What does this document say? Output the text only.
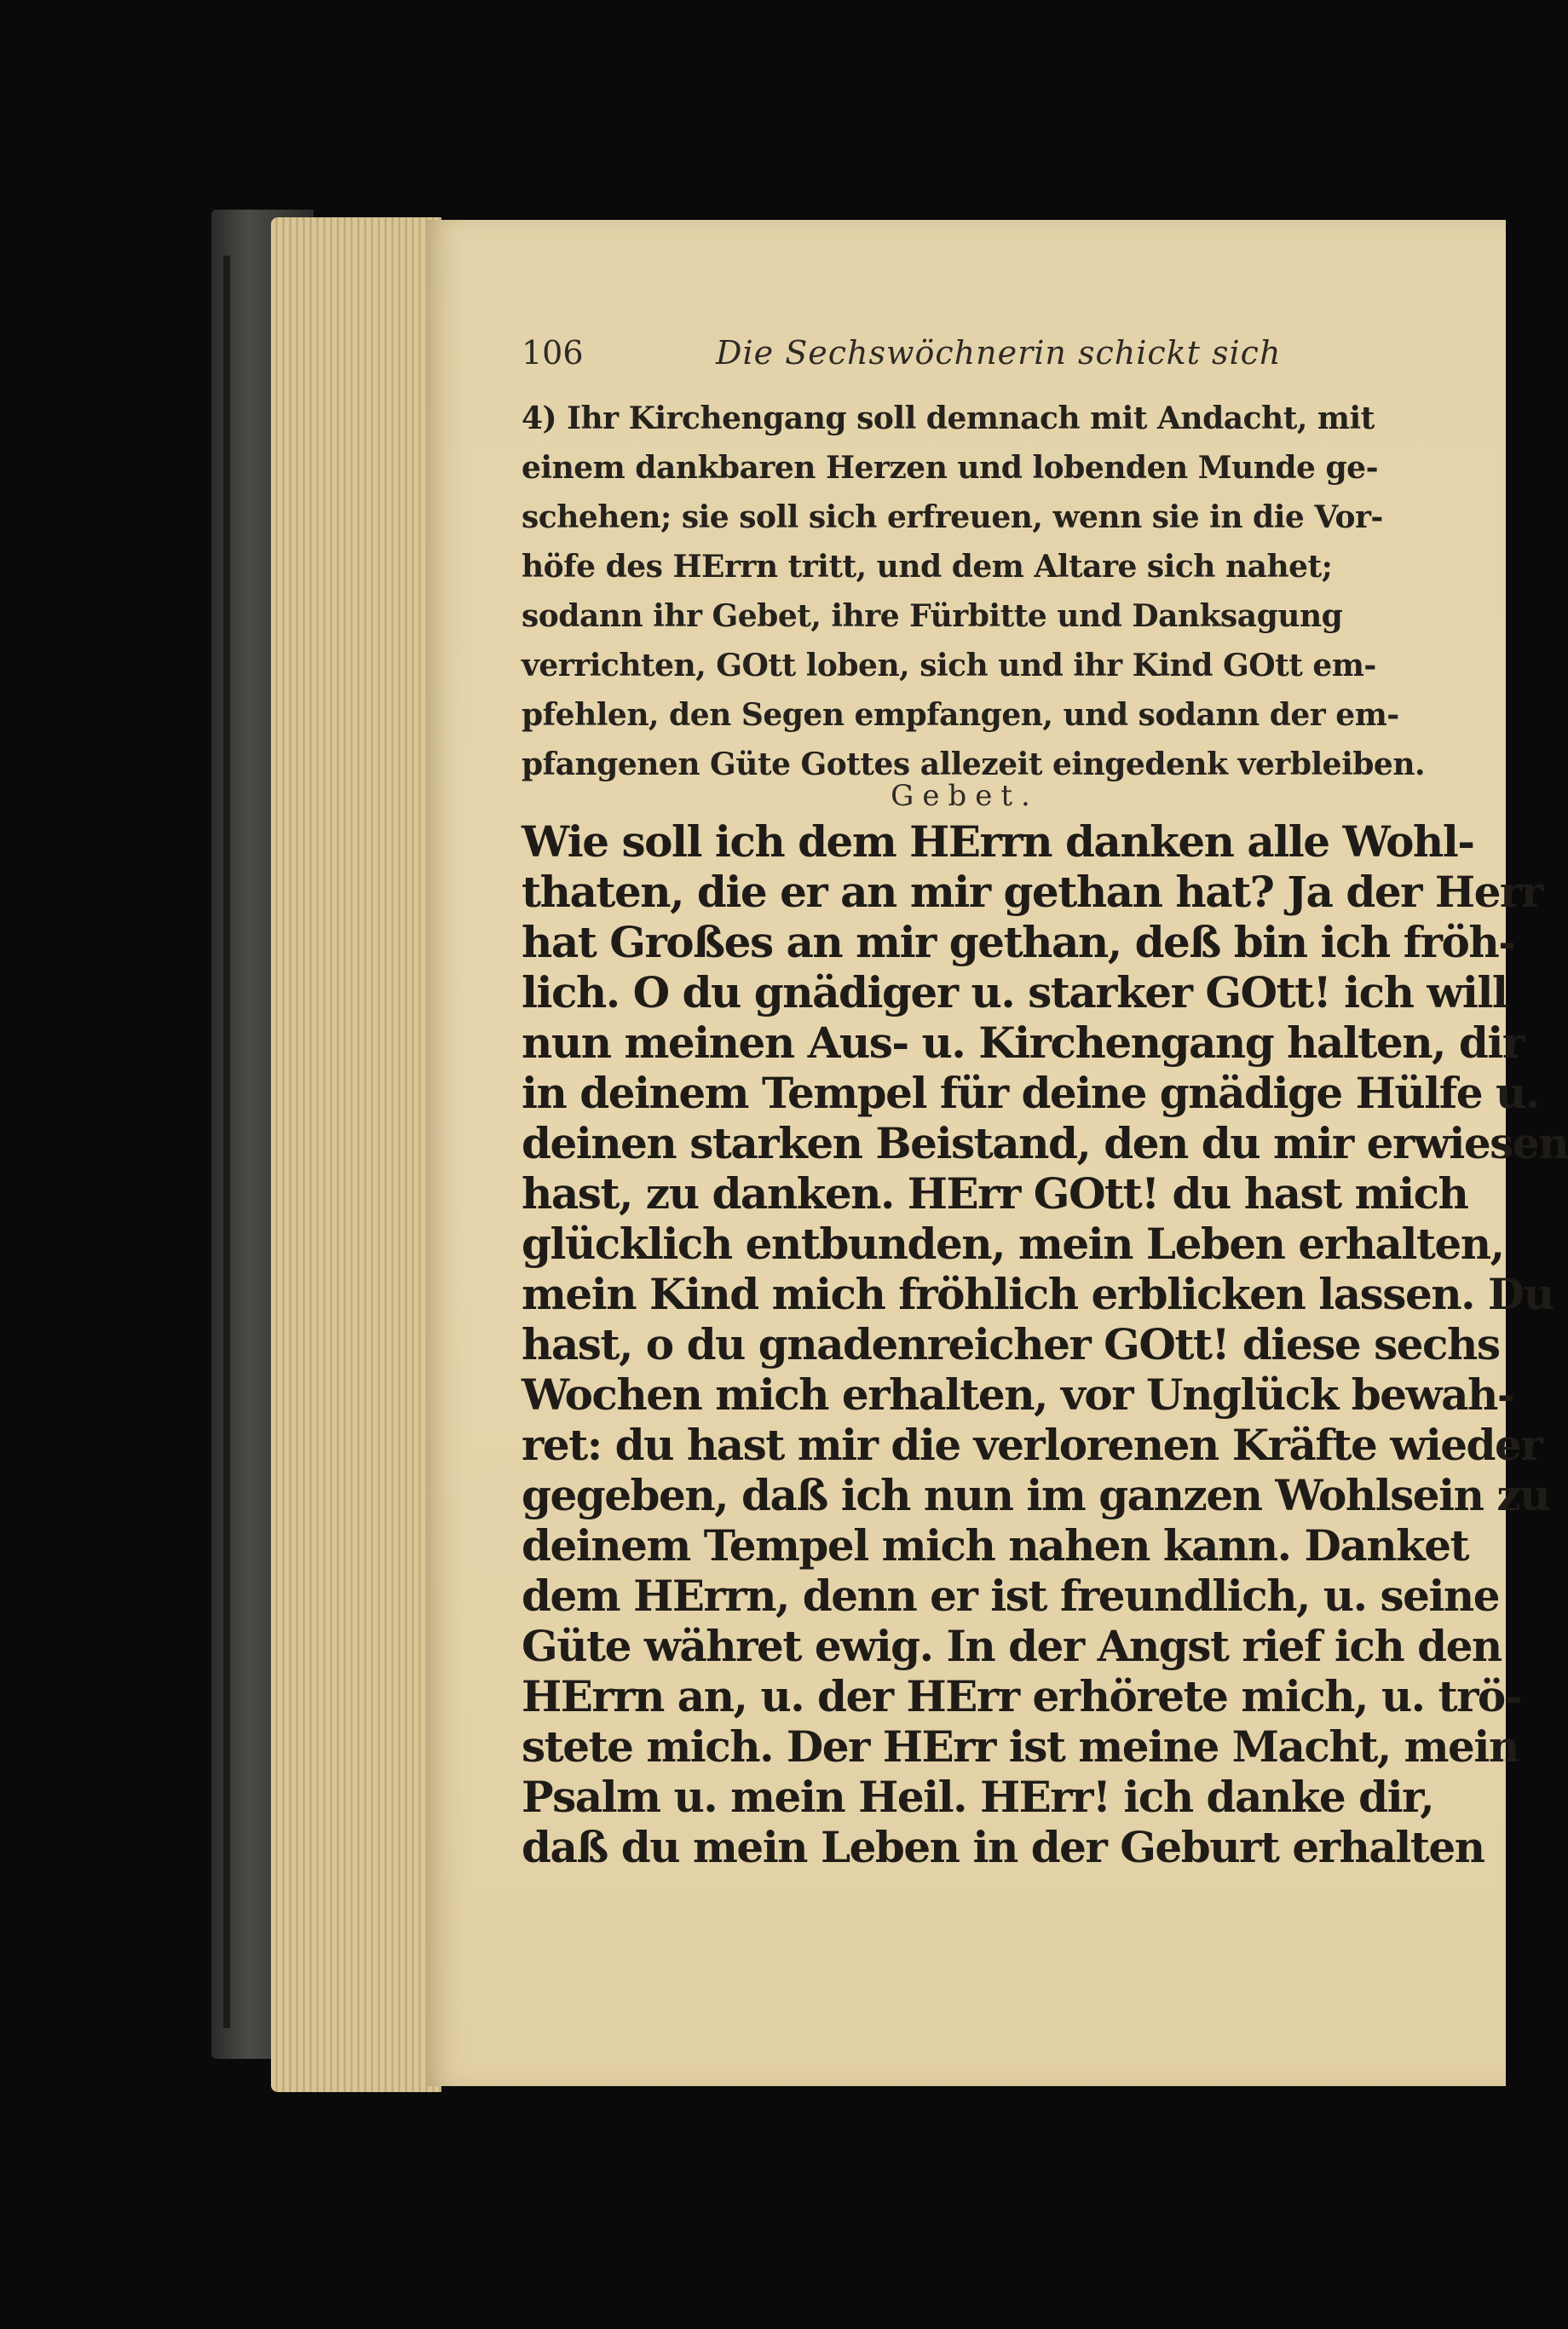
106	Die Sechswöchnerin schickt sich
4) Ihr Kirchengang soll demnach mit Andacht, mit
einem dankbaren Herzen und lobenden Munde ge-
schehen; sie soll sich erfreuen, wenn sie in die Vor-
höfe des HErrn tritt, und dem Altare sich nahet;
sodann ihr Gebet, ihre Fürbitte und Danksagung
verrichten, GOtt loben, sich und ihr Kind GOtt em-
pfehlen, den Segen empfangen, und sodann der em-
pfangenen Güte Gottes allezeit eingedenk verbleiben.
Gebet.
Wie soll ich dem HErrn danken alle Wohl-
thaten, die er an mir gethan hat? Ja der Herr
hat Großes an mir gethan, deß bin ich fröh-
lich. O du gnädiger u. starker GOtt! ich will
nun meinen Aus- u. Kirchengang halten, dir
in deinem Tempel für deine gnädige Hülfe u.
deinen starken Beistand, den du mir erwiesen
hast, zu danken. HErr GOtt! du hast mich
glücklich entbunden, mein Leben erhalten,
mein Kind mich fröhlich erblicken lassen. Du
hast, o du gnadenreicher GOtt! diese sechs
Wochen mich erhalten, vor Unglück bewah-
ret: du hast mir die verlorenen Kräfte wieder
gegeben, daß ich nun im ganzen Wohlsein zu
deinem Tempel mich nahen kann. Danket
dem HErrn, denn er ist freundlich, u. seine
Güte währet ewig. In der Angst rief ich den
HErrn an, u. der HErr erhörete mich, u. trö-
stete mich. Der HErr ist meine Macht, mein
Psalm u. mein Heil. HErr! ich danke dir,
daß du mein Leben in der Geburt erhalten
